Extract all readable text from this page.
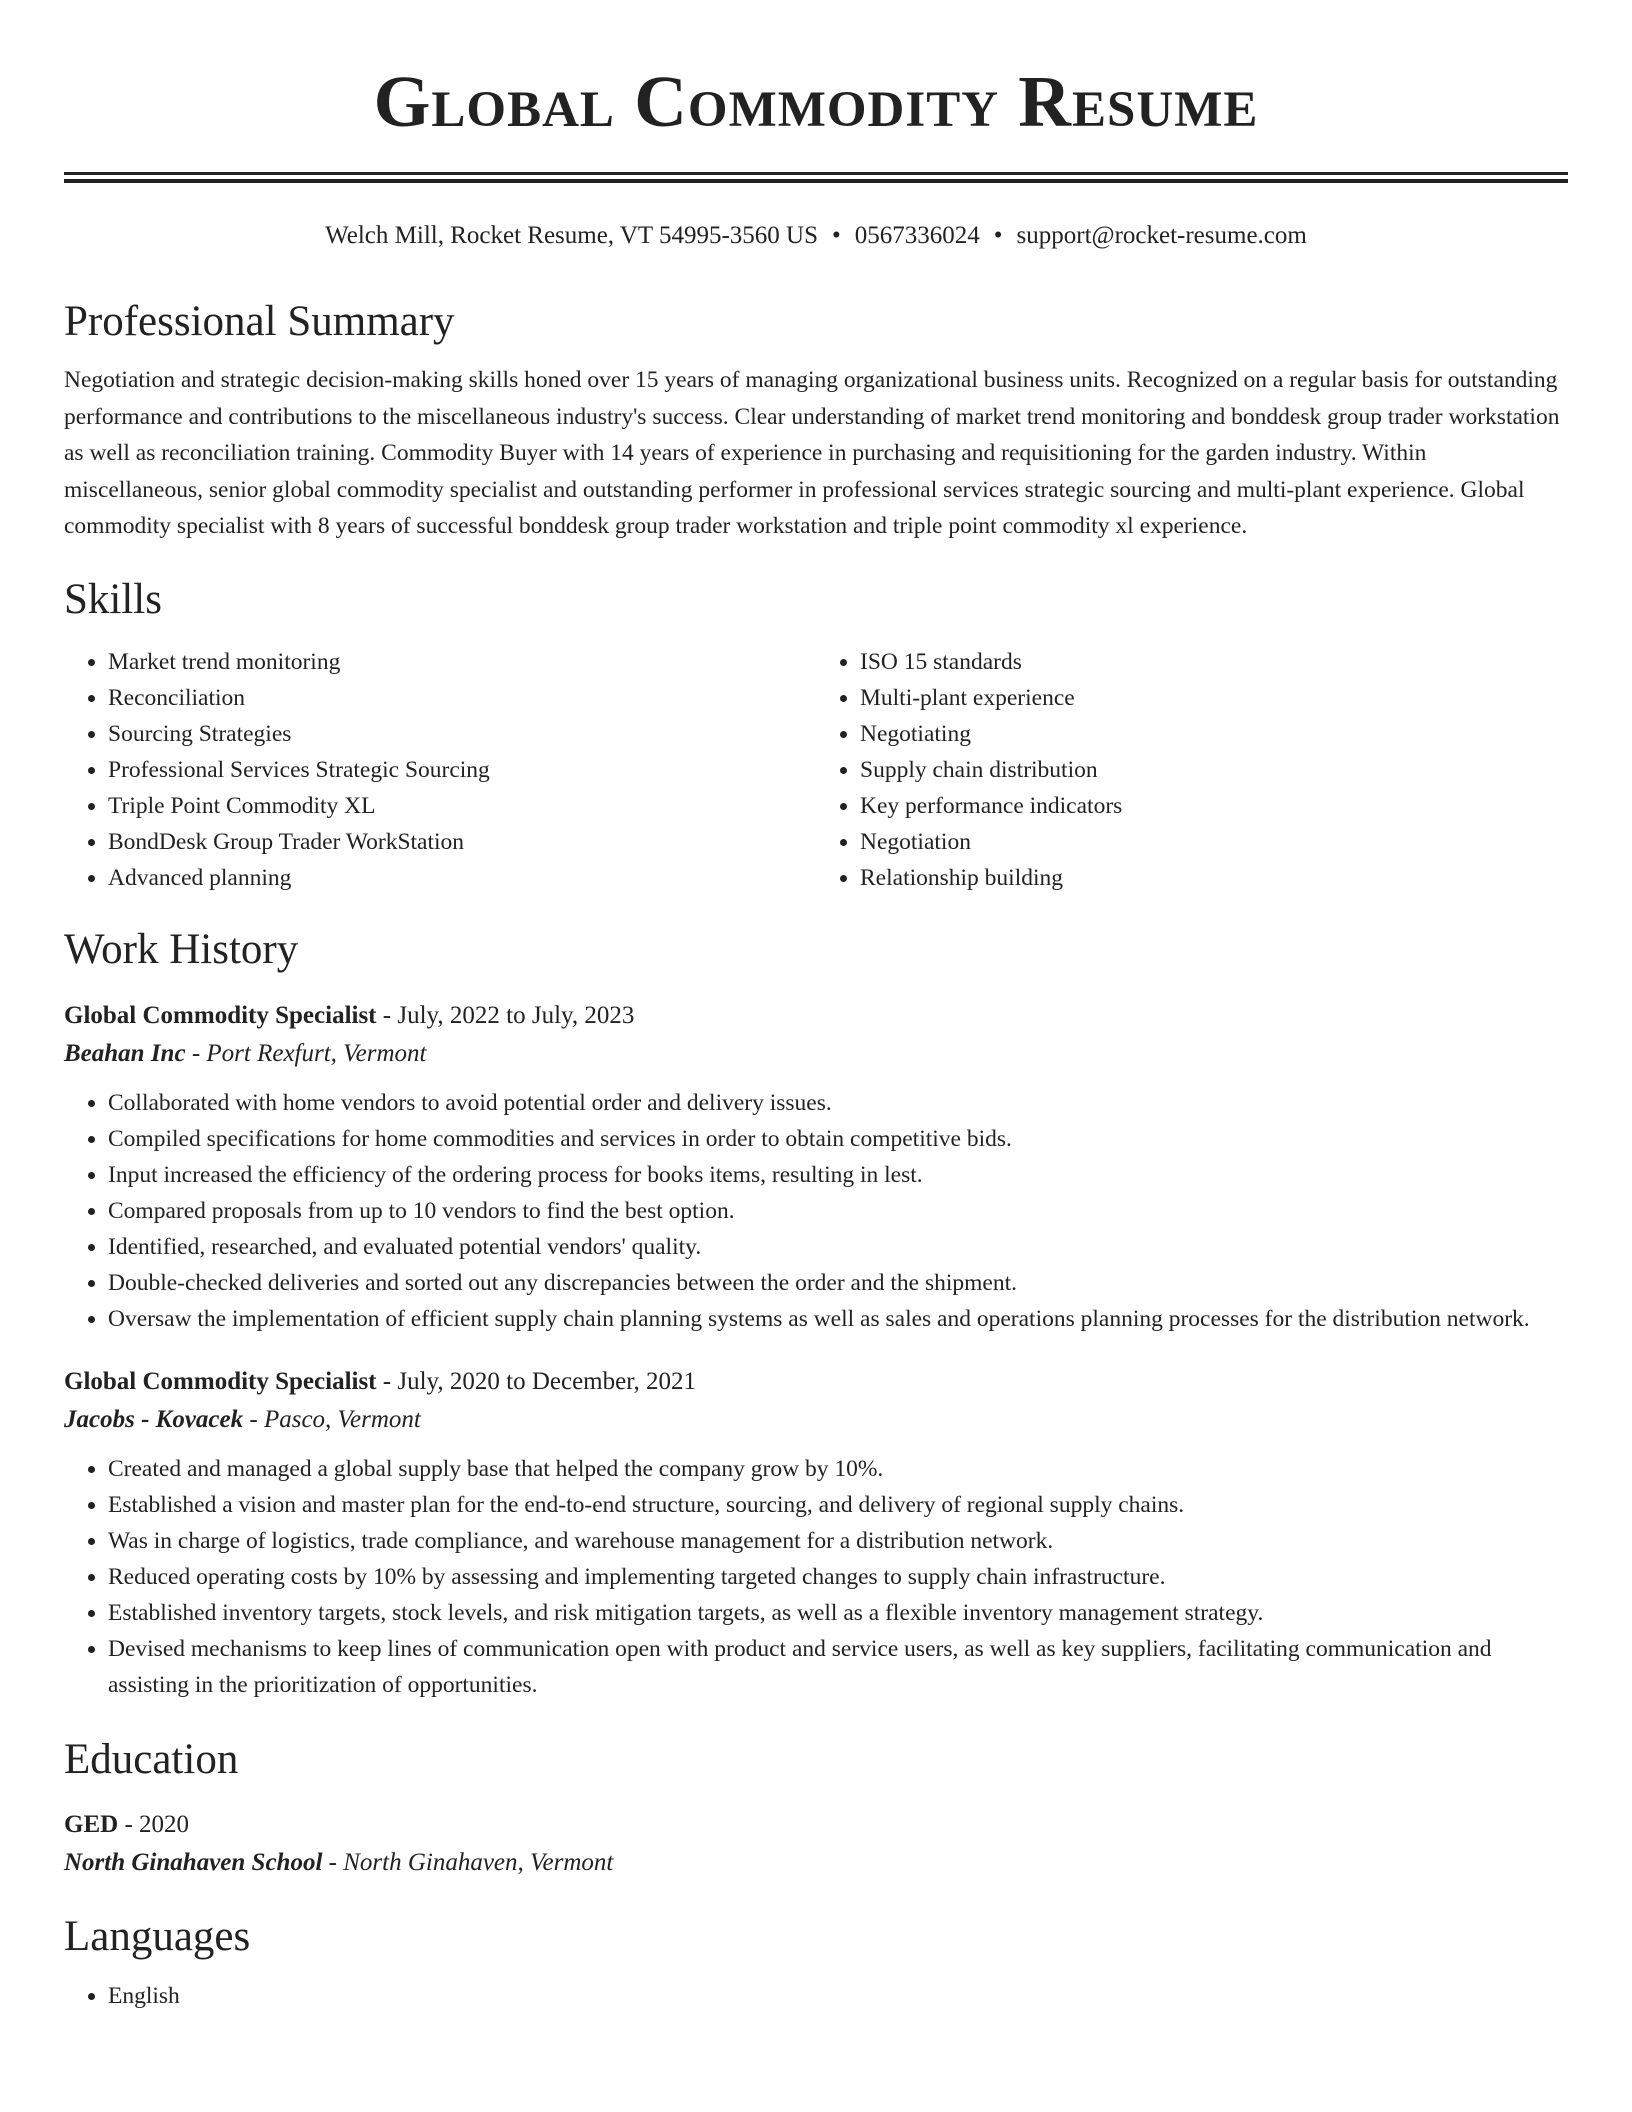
Global Commodity Resume
Welch Mill, Rocket Resume, VT 54995-3560 US • 0567336024 • support@rocket-resume.com
Professional Summary

Negotiation and strategic decision-making skills honed over 15 years of managing organizational business units. Recognized on a regular basis for outstanding performance and contributions to the miscellaneous industry's success. Clear understanding of market trend monitoring and bonddesk group trader workstation as well as reconciliation training. Commodity Buyer with 14 years of experience in purchasing and requisitioning for the garden industry. Within miscellaneous, senior global commodity specialist and outstanding performer in professional services strategic sourcing and multi-plant experience. Global commodity specialist with 8 years of successful bonddesk group trader workstation and triple point commodity xl experience.

Skills
• Market trend monitoring
• Reconciliation
• Sourcing Strategies
• Professional Services Strategic Sourcing
• Triple Point Commodity XL
• BondDesk Group Trader WorkStation
• Advanced planning
• ISO 15 standards
• Multi-plant experience
• Negotiating
• Supply chain distribution
• Key performance indicators
• Negotiation
• Relationship building
Work History
Global Commodity Specialist - July, 2022 to July, 2023
Beahan Inc - Port Rexfurt, Vermont
• Collaborated with home vendors to avoid potential order and delivery issues.
• Compiled specifications for home commodities and services in order to obtain competitive bids.
• Input increased the efficiency of the ordering process for books items, resulting in lest.
• Compared proposals from up to 10 vendors to find the best option.
• Identified, researched, and evaluated potential vendors' quality.
• Double-checked deliveries and sorted out any discrepancies between the order and the shipment.
• Oversaw the implementation of efficient supply chain planning systems as well as sales and operations planning processes for the distribution network.
Global Commodity Specialist - July, 2020 to December, 2021
Jacobs - Kovacek - Pasco, Vermont
• Created and managed a global supply base that helped the company grow by 10%.
• Established a vision and master plan for the end-to-end structure, sourcing, and delivery of regional supply chains.
• Was in charge of logistics, trade compliance, and warehouse management for a distribution network.
• Reduced operating costs by 10% by assessing and implementing targeted changes to supply chain infrastructure.
• Established inventory targets, stock levels, and risk mitigation targets, as well as a flexible inventory management strategy.
• Devised mechanisms to keep lines of communication open with product and service users, as well as key suppliers, facilitating communication and assisting in the prioritization of opportunities.
Education
GED - 2020
North Ginahaven School - North Ginahaven, Vermont
Languages
• English
